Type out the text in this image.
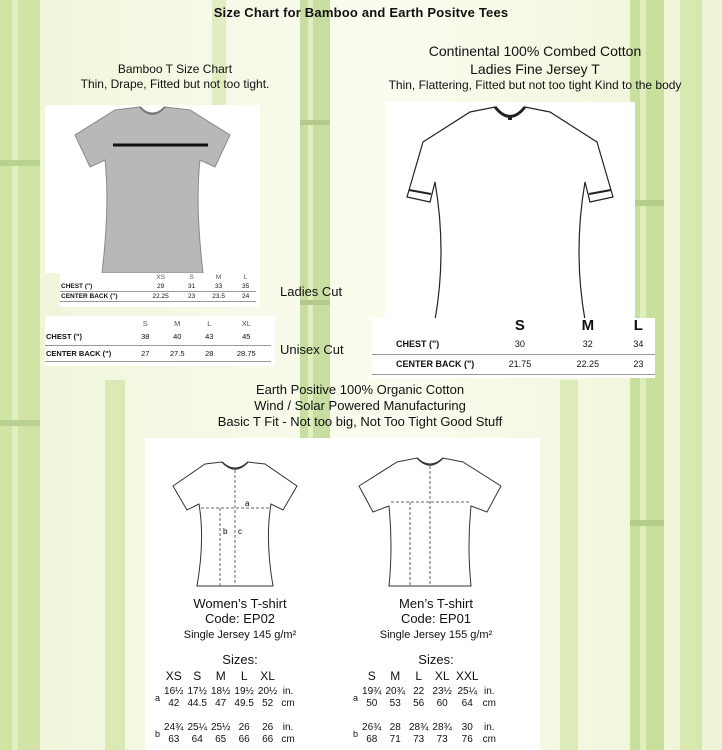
Size Chart for Bamboo and Earth Positve Tees
Bamboo T Size Chart
Thin, Drape, Fitted but not too tight.
	XS	S	M	L
CHEST (")	29	31	33	35
CENTER BACK (")	22.25	23	23.5	24 Ladies Cut
	S	M	L	XL
CHEST (")	38	40	43	45
CENTER BACK (")	27	27.5	28	28.75 Unisex Cut
Continental 100% Combed Cotton
Ladies Fine Jersey T
Thin, Flattering, Fitted but not too tight Kind to the body
	S	M	L
CHEST (")	30	32	34
CENTER BACK (")	21.75	22.25	23
Earth Positive 100% Organic Cotton
Wind / Solar Powered Manufacturing
Basic T Fit - Not too big, Not Too Tight Good Stuff
a
b c
Women’s T-shirt
Code: EP02
Single Jersey 145 g/m²
Sizes:
Men’s T-shirt
Code: EP01
Single Jersey 155 g/m²
Sizes:
	XS	S	M	L	XL	

a	16½	17½	18½	19½	20½	in.
	42	44.5	47	49.5	52	cm

b	24¾	25¼	25½	26	26	in.
	63	64	65	66	66	cm
	S	M	L	XL	XXL	

a	19¾	20¾	22	23½	25¼	in.
	50	53	56	60	64	cm

b	26¾	28	28¾	28¾	30	in.
	68	71	73	73	76	cm
